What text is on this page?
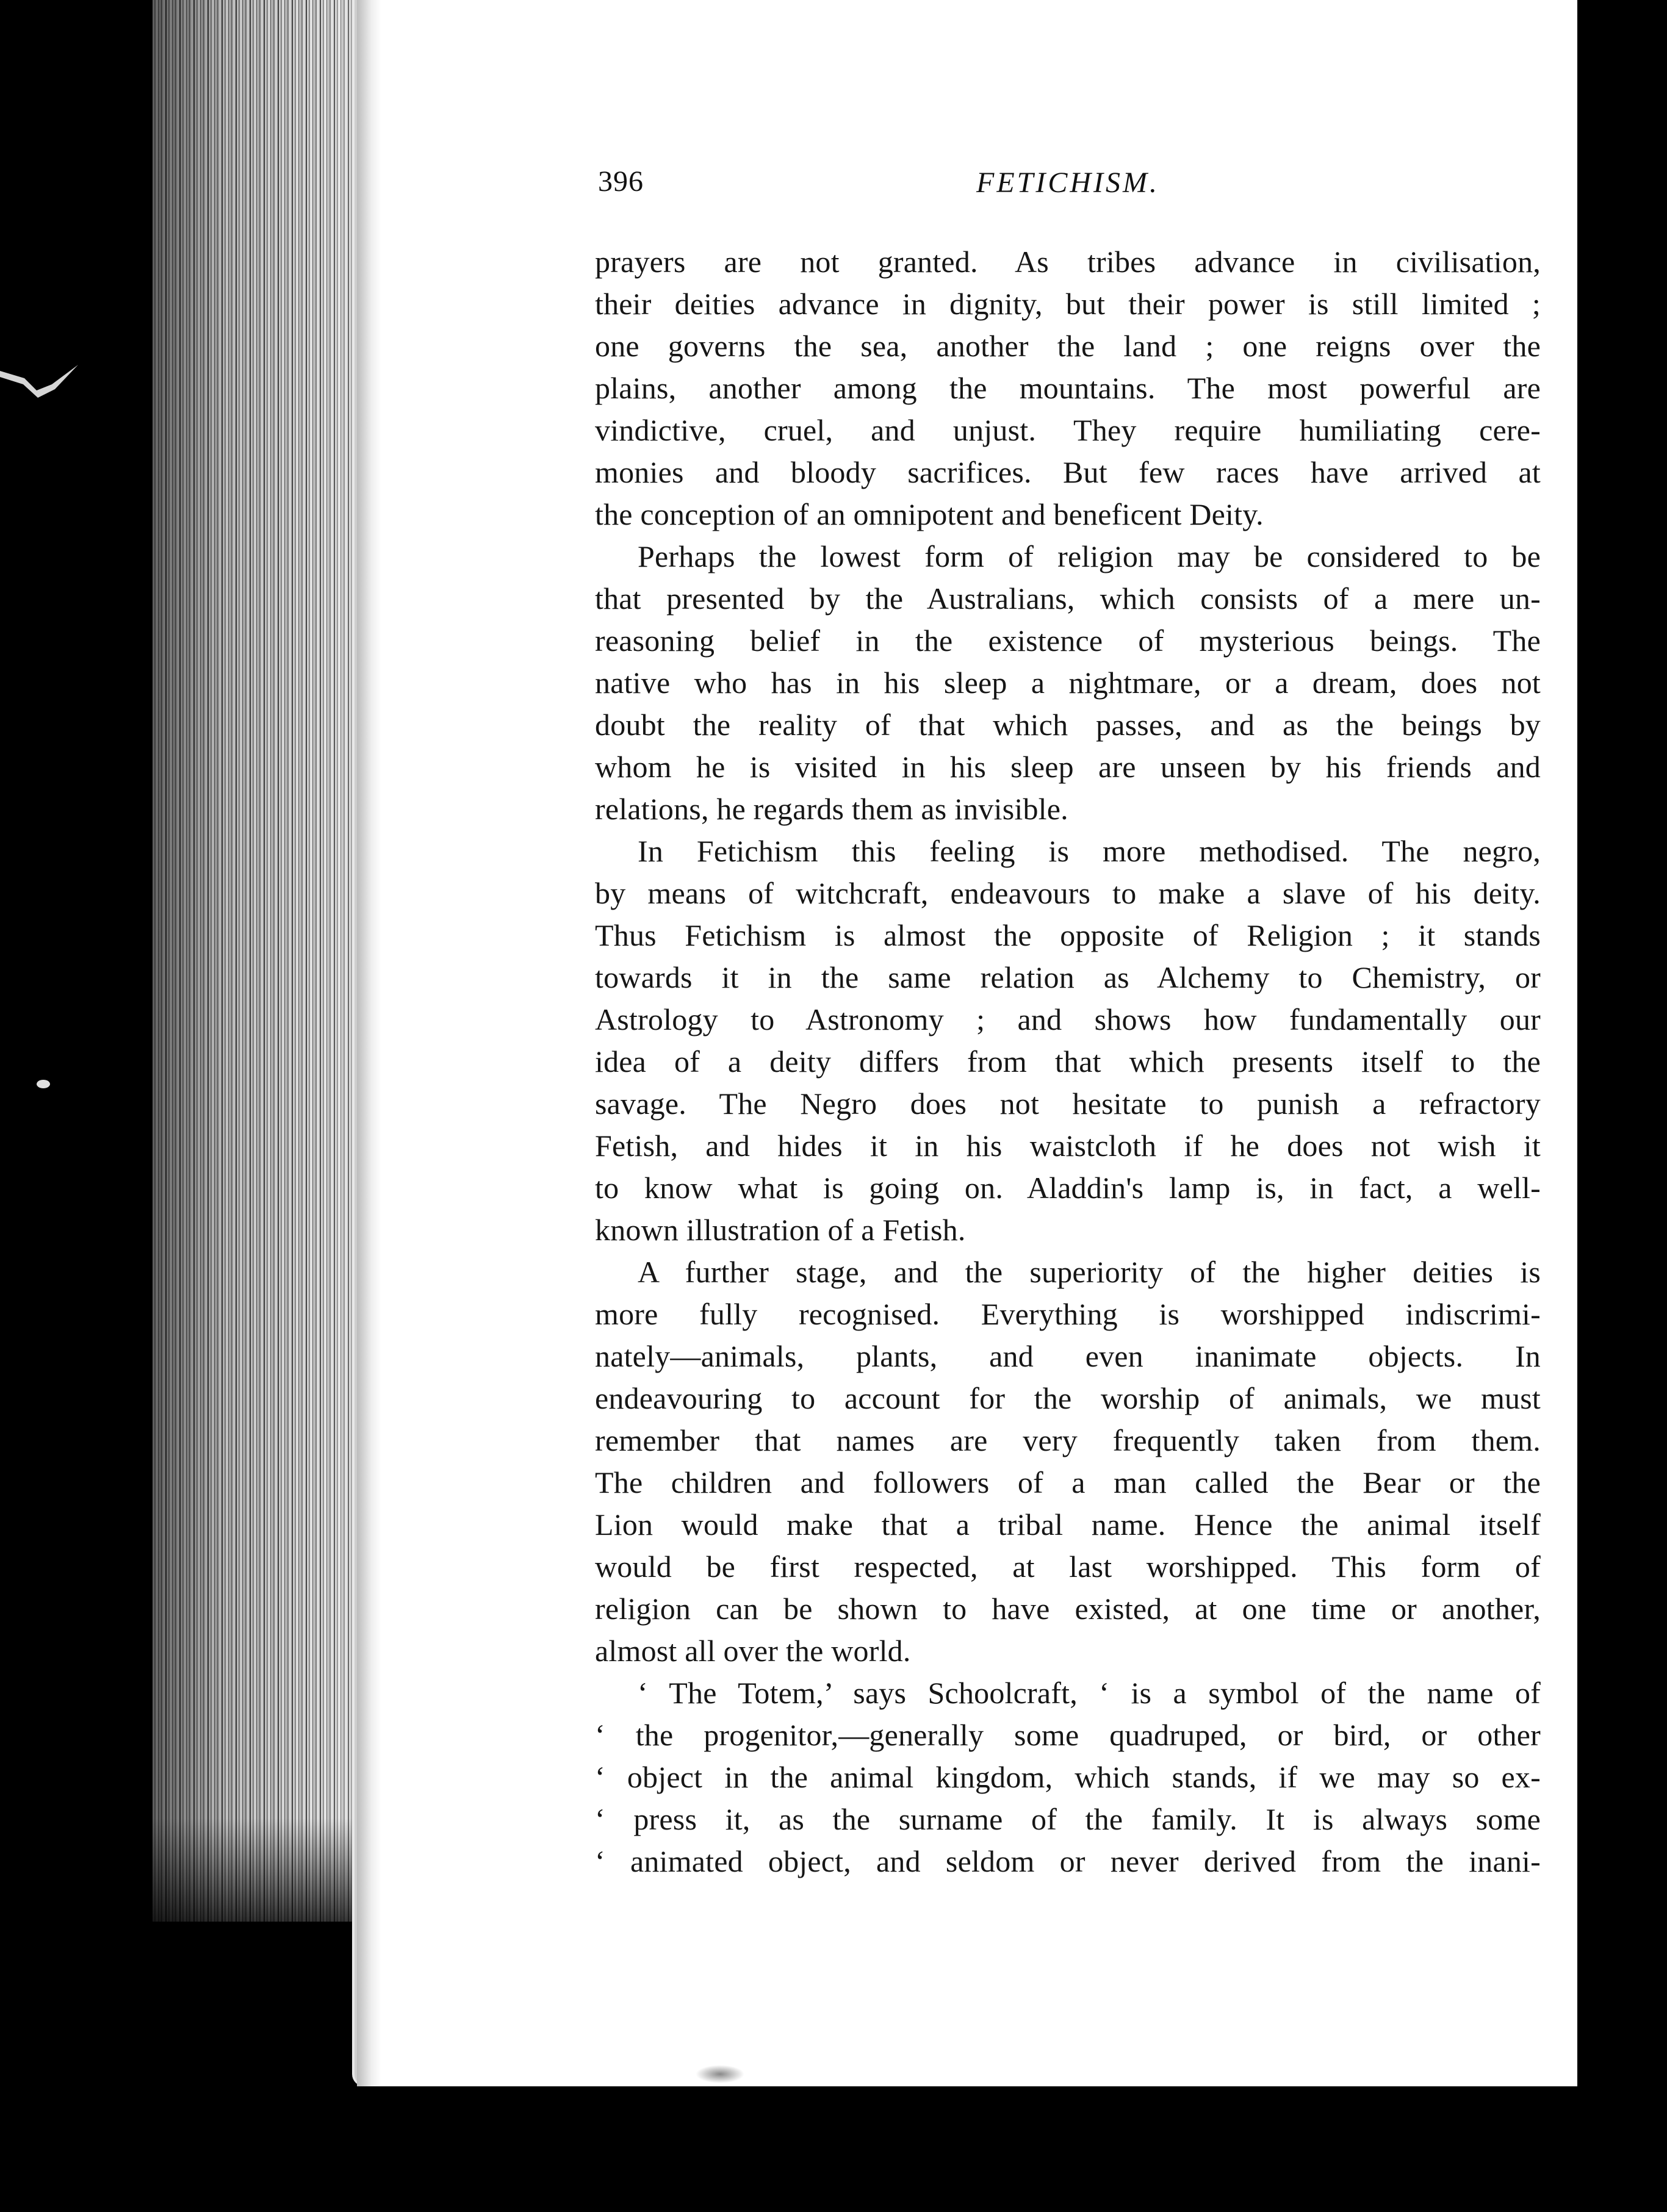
396	FETICHISM.
prayers are not granted. As tribes advance in civilisation,
their deities advance in dignity, but their power is still limited ;
one governs the sea, another the land ; one reigns over the
plains, another among the mountains. The most powerful are
vindictive, cruel, and unjust. They require humiliating cere-
monies and bloody sacrifices. But few races have arrived at
the conception of an omnipotent and beneficent Deity.
Perhaps the lowest form of religion may be considered to be
that presented by the Australians, which consists of a mere un-
reasoning belief in the existence of mysterious beings. The
native who has in his sleep a nightmare, or a dream, does not
doubt the reality of that which passes, and as the beings by
whom he is visited in his sleep are unseen by his friends and
relations, he regards them as invisible.
In Fetichism this feeling is more methodised. The negro,
by means of witchcraft, endeavours to make a slave of his deity.
Thus Fetichism is almost the opposite of Religion ; it stands
towards it in the same relation as Alchemy to Chemistry, or
Astrology to Astronomy ; and shows how fundamentally our
idea of a deity differs from that which presents itself to the
savage. The Negro does not hesitate to punish a refractory
Fetish, and hides it in his waistcloth if he does not wish it
to know what is going on. Aladdin's lamp is, in fact, a well-
known illustration of a Fetish.
A further stage, and the superiority of the higher deities is
more fully recognised. Everything is worshipped indiscrimi-
nately—animals, plants, and even inanimate objects. In
endeavouring to account for the worship of animals, we must
remember that names are very frequently taken from them.
The children and followers of a man called the Bear or the
Lion would make that a tribal name. Hence the animal itself
would be first respected, at last worshipped. This form of
religion can be shown to have existed, at one time or another,
almost all over the world.
‘ The Totem,’ says Schoolcraft, ‘ is a symbol of the name of
‘ the progenitor,—generally some quadruped, or bird, or other
‘ object in the animal kingdom, which stands, if we may so ex-
‘ press it, as the surname of the family. It is always some
‘ animated object, and seldom or never derived from the inani-
